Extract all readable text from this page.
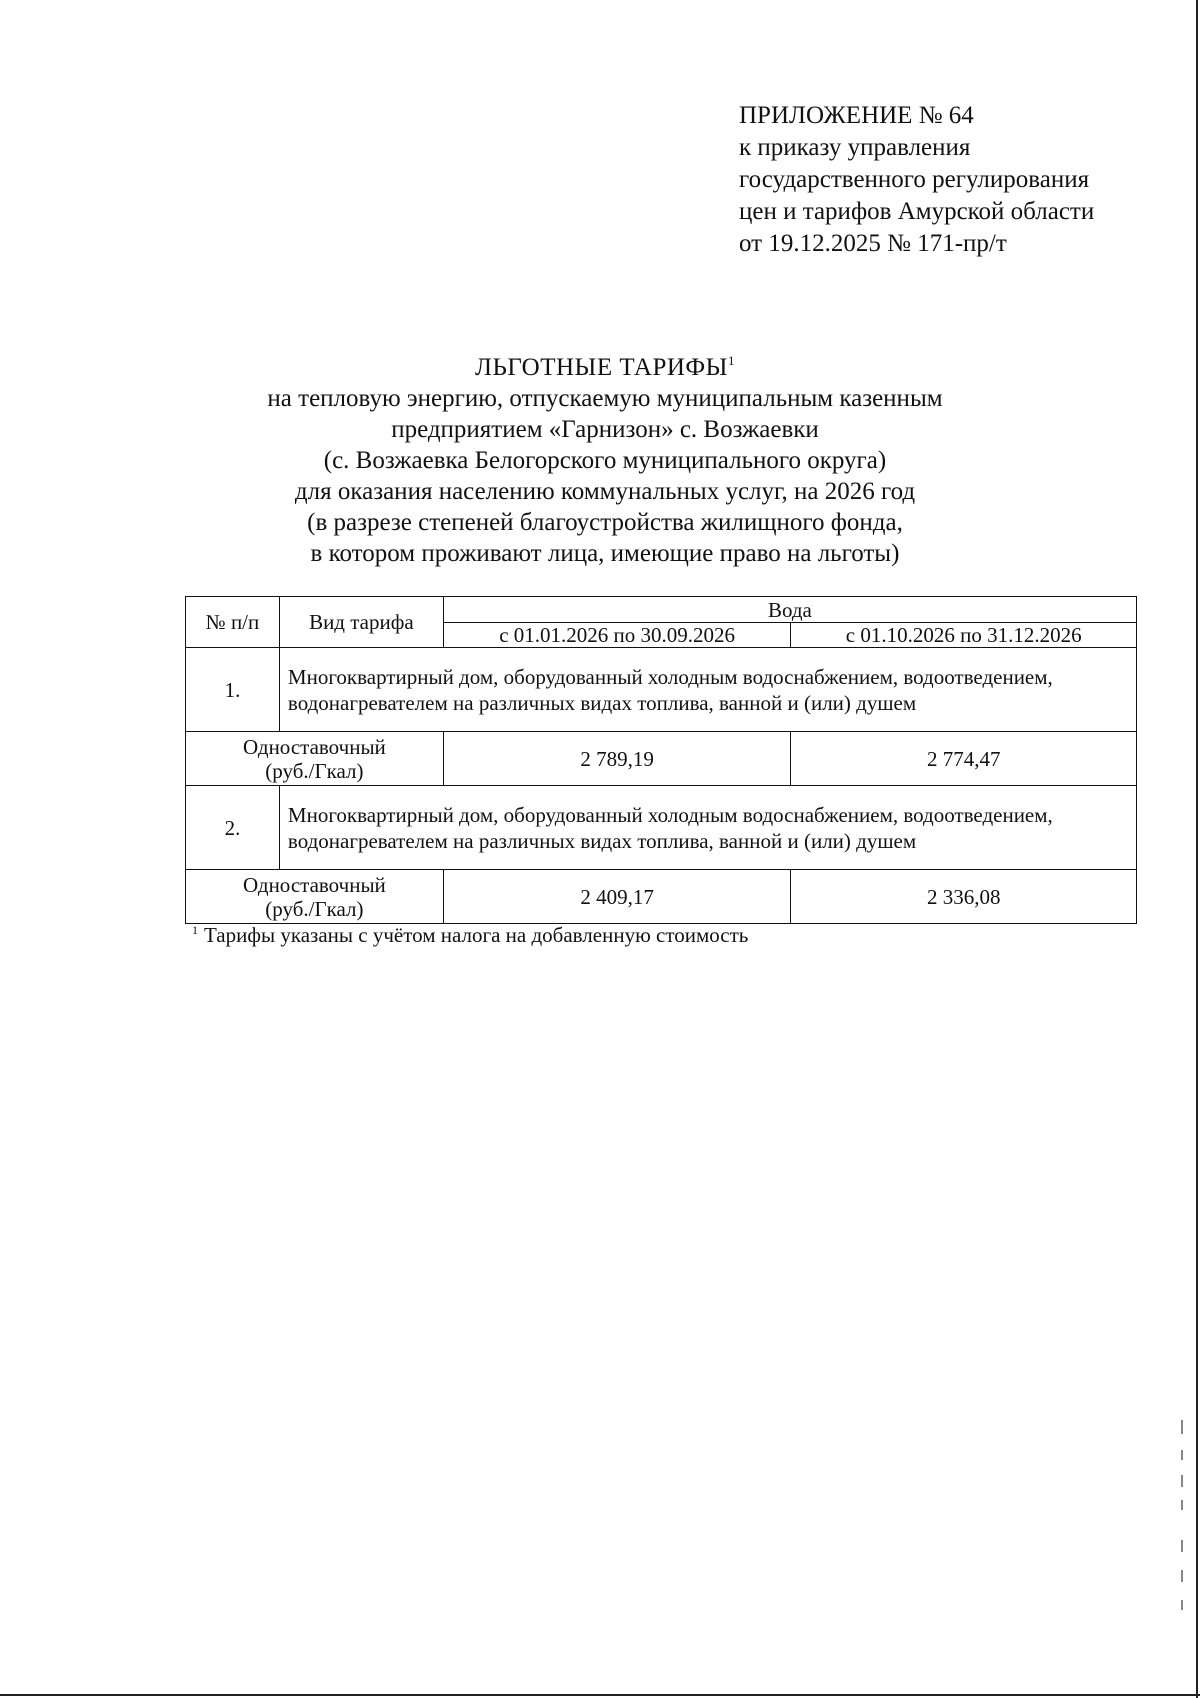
ПРИЛОЖЕНИЕ № 64
к приказу управления
государственного регулирования
цен и тарифов Амурской области
от 19.12.2025 № 171-пр/т
ЛЬГОТНЫЕ ТАРИФЫ$^1$
на тепловую энергию, отпускаемую муниципальным казенным
предприятием «Гарнизон» с. Возжаевки
(с. Возжаевка Белогорского муниципального округа)
для оказания населению коммунальных услуг, на 2026 год
(в разрезе степеней благоустройства жилищного фонда,
в котором проживают лица, имеющие право на льготы)
№ п/п	Вид тарифа	Вода	
		с 01.01.2026 по 30.09.2026	с 01.10.2026 по 31.12.2026
1.	Многоквартирный дом, оборудованный холодным водоснабжением, водоотведением, водонагревателем на различных видах топлива, ванной и (или) душем		

Одноставочный
(руб./Гкал)		2 789,19	2 774,47
2.	Многоквартирный дом, оборудованный холодным водоснабжением, водоотведением, водонагревателем на различных видах топлива, ванной и (или) душем		

Одноставочный
(руб./Гкал)		2 409,17	2 336,08
$^1$ Тарифы указаны с учётом налога на добавленную стоимость
